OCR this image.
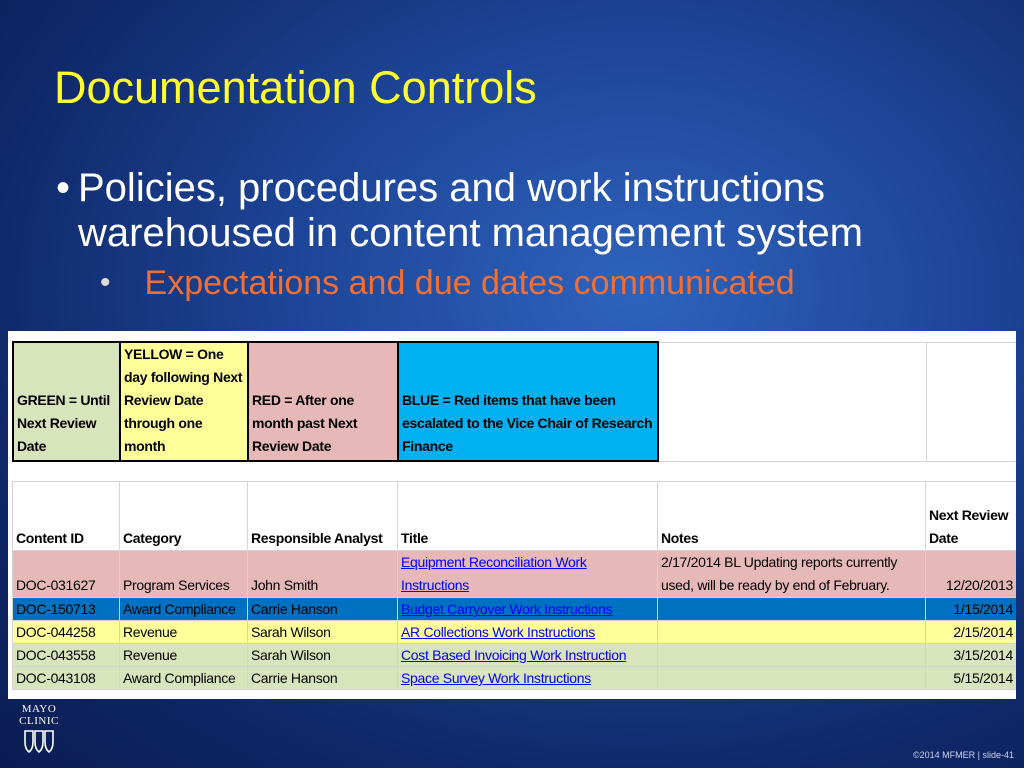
Documentation Controls
• Policies, procedures and work instructions warehoused in content management system
• Expectations and due dates communicated
GREEN = Until Next Review Date	YELLOW = One day following Next Review Date through one month	RED = After one month past Next Review Date	BLUE = Red items that have been escalated to the Vice Chair of Research Finance		
Content ID	Category	Responsible Analyst	Title	Notes	Next Review Date
DOC-031627	Program Services	John Smith	Equipment Reconciliation Work Instructions	2/17/2014 BL Updating reports currently used, will be ready by end of February.	12/20/2013
DOC-150713	Award Compliance	Carrie Hanson	Budget Carryover Work Instructions		1/15/2014
DOC-044258	Revenue	Sarah Wilson	AR Collections Work Instructions		2/15/2014
DOC-043558	Revenue	Sarah Wilson	Cost Based Invoicing Work Instruction		3/15/2014
DOC-043108	Award Compliance	Carrie Hanson	Space Survey Work Instructions		5/15/2014
MAYO
CLINIC
©2014 MFMER | slide-41
